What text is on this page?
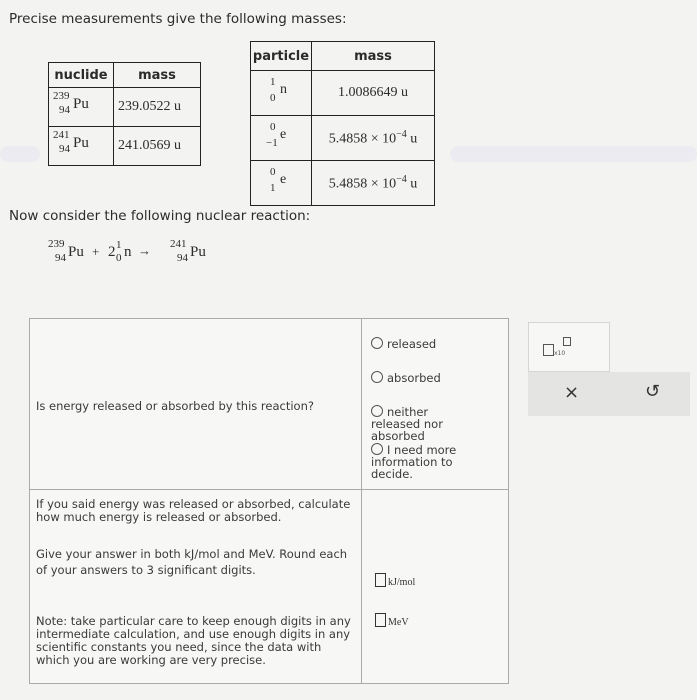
Precise measurements give the following masses:
nuclide	mass

239
94 Pu	239.0522 u

241
94 Pu	241.0569 u
particle	mass

1
0
n	1.0086649 u

0
−1
e	$5.4858 \times 10^{-4}$ u

0
1
e	$5.4858 \times 10^{-4}$ u
Now consider the following nuclear reaction:
239
94 Pu + 2 1
0 n → 241
94 Pu
Is energy released or absorbed by this reaction?
If you said energy was released or absorbed, calculate how much energy is released or absorbed.
Give your answer in both kJ/mol and MeV. Round each of your answers to 3 significant digits.
Note: take particular care to keep enough digits in any intermediate calculation, and use enough digits in any scientific constants you need, since the data with which you are working are very precise.
released
absorbed
neither released nor absorbed
I need more information to decide.
kJ/mol
MeV
x10
×	↺
